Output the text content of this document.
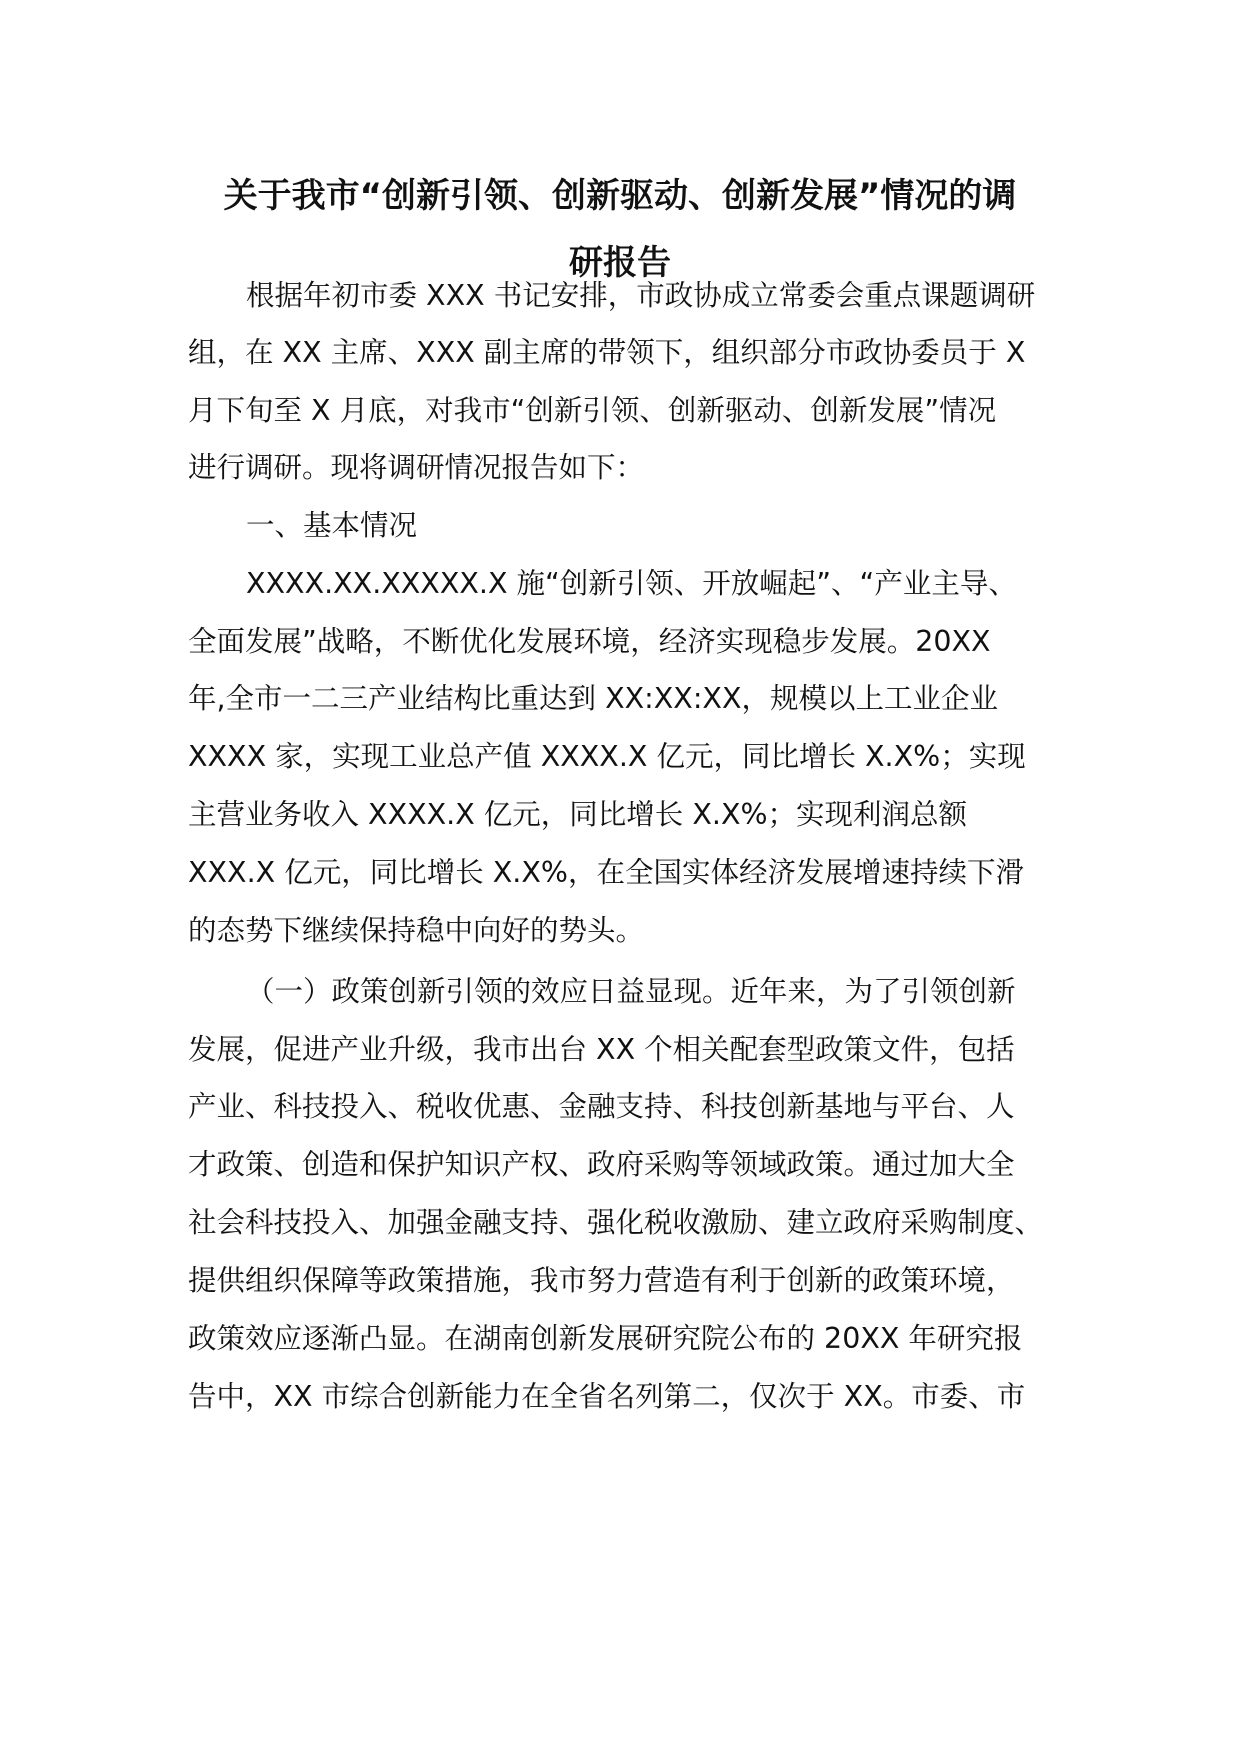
关于我市“创新引领、创新驱动、创新发展”情况的调
研报告
根据年初市委 XXX 书记安排，市政协成立常委会重点课题调研
组，在 XX 主席、XXX 副主席的带领下，组织部分市政协委员于 X
月下旬至 X 月底，对我市“创新引领、创新驱动、创新发展”情况
进行调研。现将调研情况报告如下：
一、基本情况
XXXX.XX.XXXXX.X 施“创新引领、开放崛起”、“产业主导、
全面发展”战略，不断优化发展环境，经济实现稳步发展。20XX
年,全市一二三产业结构比重达到 XX:XX:XX，规模以上工业企业
XXXX 家，实现工业总产值 XXXX.X 亿元，同比增长 X.X%；实现
主营业务收入 XXXX.X 亿元，同比增长 X.X%；实现利润总额
XXX.X 亿元，同比增长 X.X%，在全国实体经济发展增速持续下滑
的态势下继续保持稳中向好的势头。
（一）政策创新引领的效应日益显现。近年来，为了引领创新
发展，促进产业升级，我市出台 XX 个相关配套型政策文件，包括
产业、科技投入、税收优惠、金融支持、科技创新基地与平台、人
才政策、创造和保护知识产权、政府采购等领域政策。通过加大全
社会科技投入、加强金融支持、强化税收激励、建立政府采购制度、
提供组织保障等政策措施，我市努力营造有利于创新的政策环境，
政策效应逐渐凸显。在湖南创新发展研究院公布的 20XX 年研究报
告中，XX 市综合创新能力在全省名列第二，仅次于 XX。市委、市
